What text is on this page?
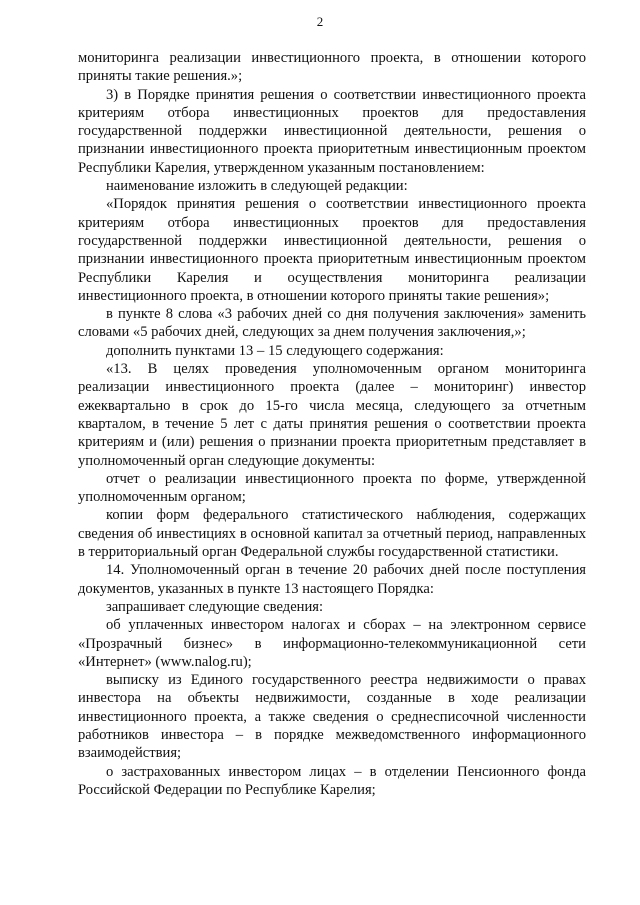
2

мониторинга реализации инвестиционного проекта, в отношении которого приняты такие решения.»;

3) в Порядке принятия решения о соответствии инвестиционного проекта критериям отбора инвестиционных проектов для предоставления государственной поддержки инвестиционной деятельности, решения о признании инвестиционного проекта приоритетным инвестиционным проектом Республики Карелия, утвержденном указанным постановлением:

наименование изложить в следующей редакции:

«Порядок принятия решения о соответствии инвестиционного проекта критериям отбора инвестиционных проектов для предоставления государственной поддержки инвестиционной деятельности, решения о признании инвестиционного проекта приоритетным инвестиционным проектом Республики Карелия и осуществления мониторинга реализации инвестиционного проекта, в отношении которого приняты такие решения»;

в пункте 8 слова «3 рабочих дней со дня получения заключения» заменить словами «5 рабочих дней, следующих за днем получения заключения,»;

дополнить пунктами 13 – 15 следующего содержания:

«13. В целях проведения уполномоченным органом мониторинга реализации инвестиционного проекта (далее – мониторинг) инвестор ежеквартально в срок до 15-го числа месяца, следующего за отчетным кварталом, в течение 5 лет с даты принятия решения о соответствии проекта критериям и (или) решения о признании проекта приоритетным представляет в уполномоченный орган следующие документы:

отчет о реализации инвестиционного проекта по форме, утвержденной уполномоченным органом;

копии форм федерального статистического наблюдения, содержащих сведения об инвестициях в основной капитал за отчетный период, направленных в территориальный орган Федеральной службы государственной статистики.

14. Уполномоченный орган в течение 20 рабочих дней после поступления документов, указанных в пункте 13 настоящего Порядка:

запрашивает следующие сведения:

об уплаченных инвестором налогах и сборах – на электронном сервисе «Прозрачный бизнес» в информационно-телекоммуникационной сети «Интернет» (www.nalog.ru);

выписку из Единого государственного реестра недвижимости о правах инвестора на объекты недвижимости, созданные в ходе реализации инвестиционного проекта, а также сведения о среднесписочной численности работников инвестора – в порядке межведомственного информационного взаимодействия;

о застрахованных инвестором лицах – в отделении Пенсионного фонда Российской Федерации по Республике Карелия;
